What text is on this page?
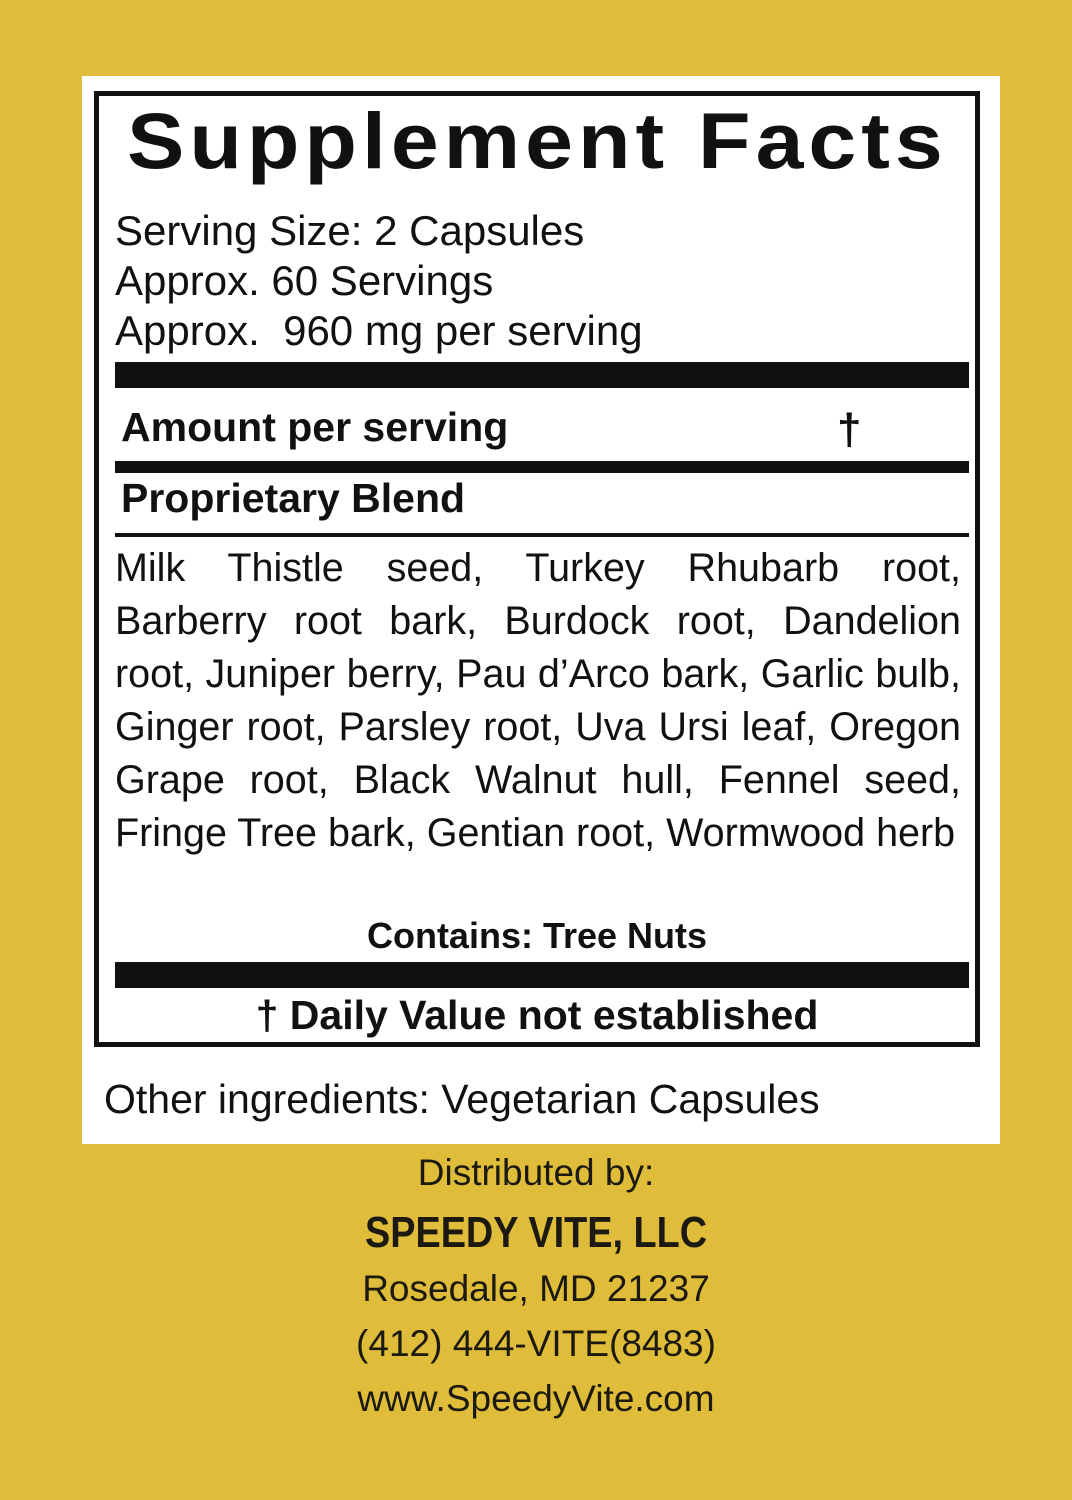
Supplement Facts
Serving Size: 2 Capsules
Approx. 60 Servings
Approx.  960 mg per serving
Amount per serving	†
Proprietary Blend
Milk Thistle seed, Turkey Rhubarb root, Barberry root bark, Burdock root, Dandelion root, Juniper berry, Pau d’Arco bark, Garlic bulb, Ginger root, Parsley root, Uva Ursi leaf, Oregon Grape root, Black Walnut hull, Fennel seed, Fringe Tree bark, Gentian root, Wormwood herb
Contains: Tree Nuts
† Daily Value not established
Other ingredients: Vegetarian Capsules
Distributed by:
SPEEDY VITE, LLC
Rosedale, MD 21237
(412) 444-VITE(8483)
www.SpeedyVite.com
